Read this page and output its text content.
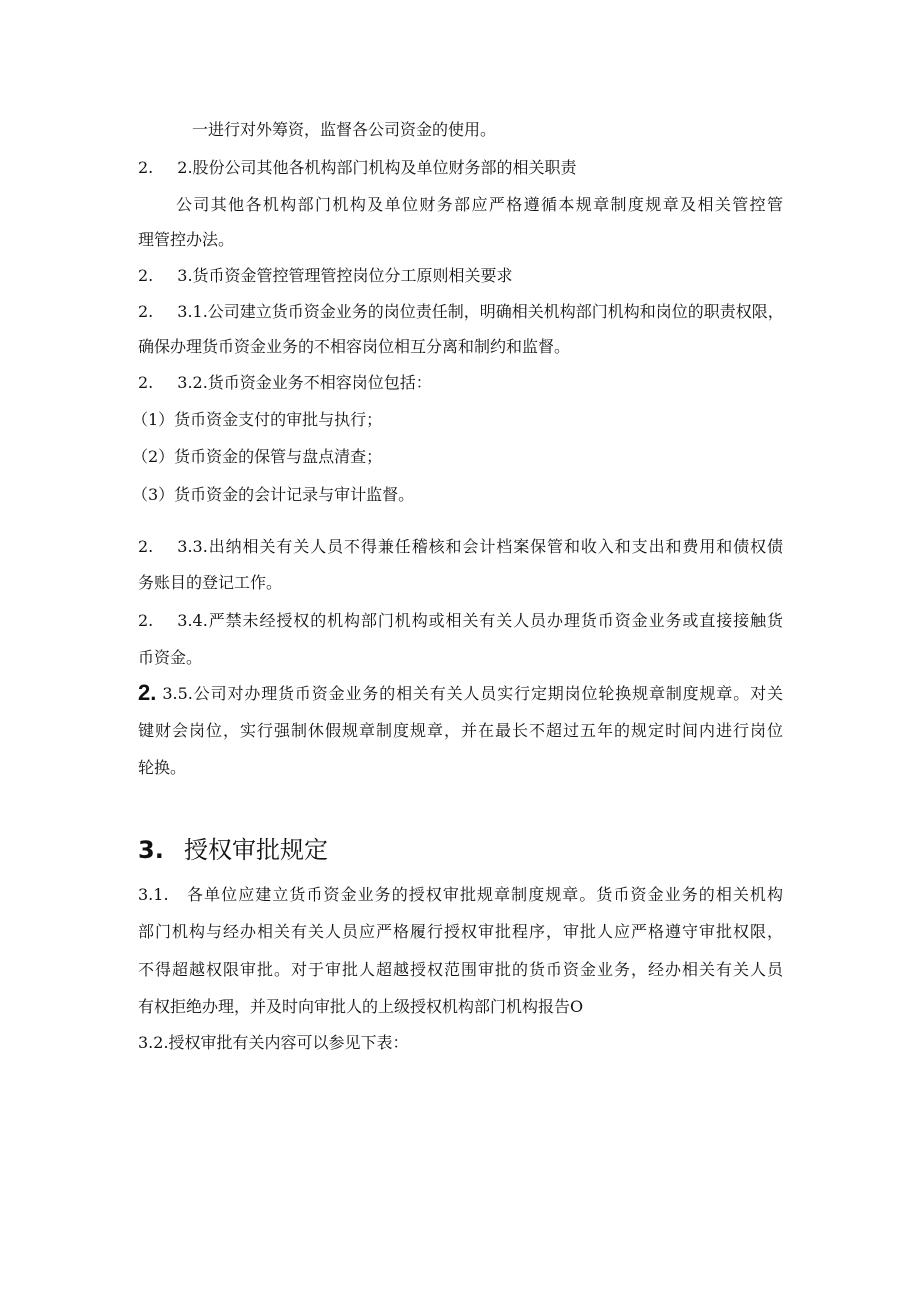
一进行对外筹资，监督各公司资金的使用。
2. 2.股份公司其他各机构部门机构及单位财务部的相关职责
公司其他各机构部门机构及单位财务部应严格遵循本规章制度规章及相关管控管
理管控办法。
2. 3.货币资金管控管理管控岗位分工原则相关要求
2. 3.1.公司建立货币资金业务的岗位责任制，明确相关机构部门机构和岗位的职责权限，
确保办理货币资金业务的不相容岗位相互分离和制约和监督。
2. 3.2.货币资金业务不相容岗位包括：
（1）货币资金支付的审批与执行；
（2）货币资金的保管与盘点清查；
（3）货币资金的会计记录与审计监督。
2. 3.3.出纳相关有关人员不得兼任稽核和会计档案保管和收入和支出和费用和债权债
务账目的登记工作。
2. 3.4.严禁未经授权的机构部门机构或相关有关人员办理货币资金业务或直接接触货
币资金。
2. 3.5.公司对办理货币资金业务的相关有关人员实行定期岗位轮换规章制度规章。对关
键财会岗位，实行强制休假规章制度规章，并在最长不超过五年的规定时间内进行岗位
轮换。
3. 授权审批规定
3.1. 各单位应建立货币资金业务的授权审批规章制度规章。货币资金业务的相关机构
部门机构与经办相关有关人员应严格履行授权审批程序，审批人应严格遵守审批权限，
不得超越权限审批。对于审批人超越授权范围审批的货币资金业务，经办相关有关人员
有权拒绝办理，并及时向审批人的上级授权机构部门机构报告O
3.2.授权审批有关内容可以参见下表：
